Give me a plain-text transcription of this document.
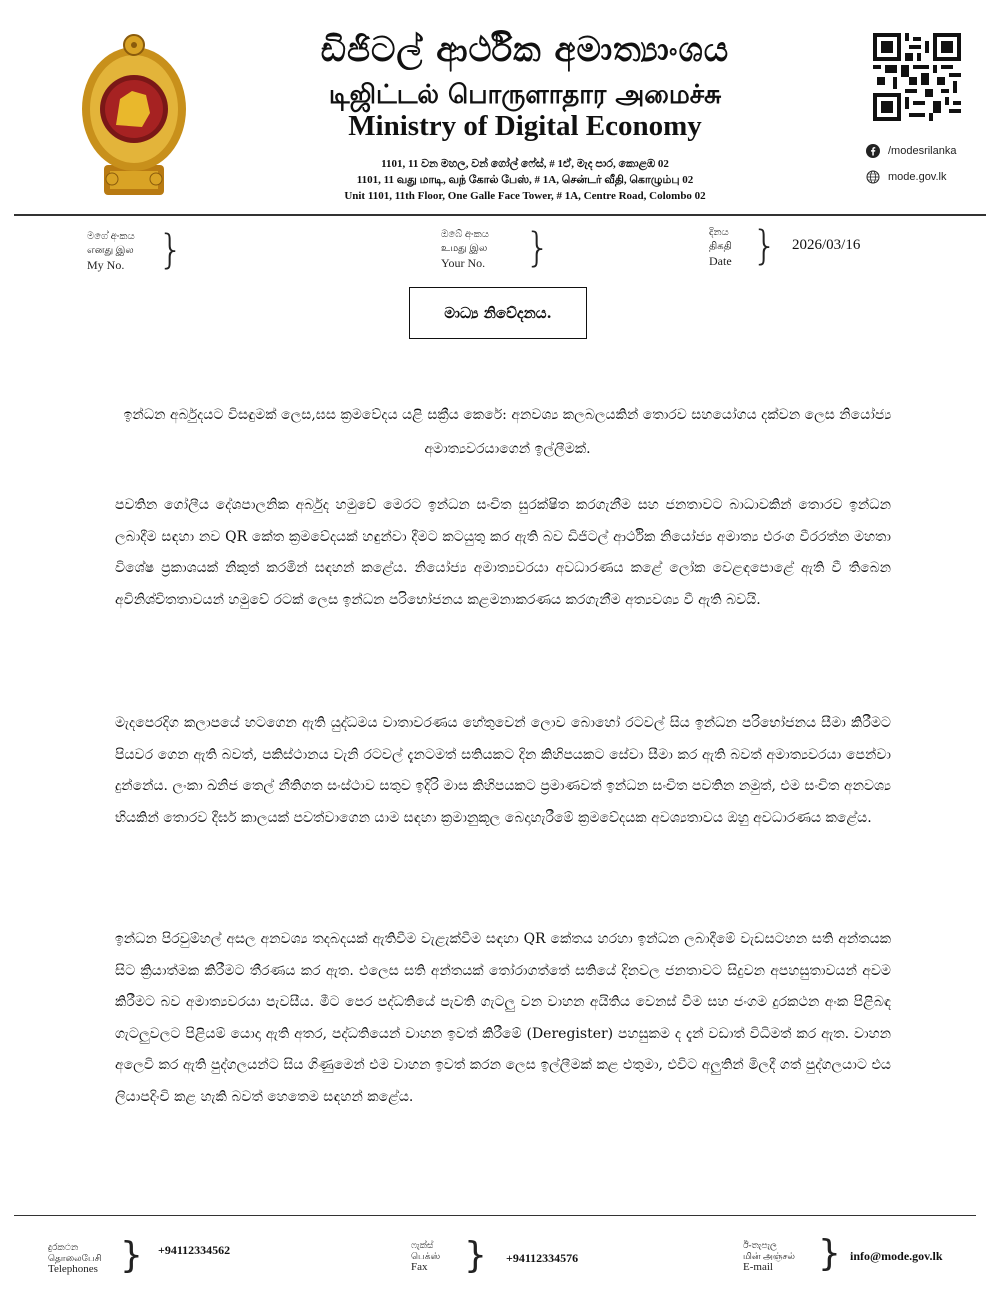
ඩිජිටල් ආර්ථික අමාත්‍යාංශය
டிஜிட்டல் பொருளாதார அமைச்சு
Ministry of Digital Economy
1101, 11 වන මහල, වන් ගෝල් ෆේස්, # 1ඒ, මැද පාර, කොළඹ 02
1101, 11 வது மாடி, வந் கோல் பேஸ், # 1A, சென்டர் வீதி, கொழும்பு 02
Unit 1101, 11th Floor, One Galle Face Tower, # 1A, Centre Road, Colombo 02
/modesrilanka
mode.gov.lk
මගේ අංකය
எனது இல
My No. }	ඔබේ අංකය
உமது இல
Your No. }	දිනය
திகதி
Date } 2026/03/16
මාධ්‍ය නිවේදනය.
ඉන්ධන අර්බුදයට විසඳුමක් ලෙස,ඝස ක්‍රමවේදය යළි සක්‍රීය කෙරේ: අනවශ්‍ය කලබලයකින් තොරව සහයෝගය දක්වන ලෙස නියෝජ්‍ය අමාත්‍යවරයාගෙන් ඉල්ලීමක්.
පවතින ගෝලීය දේශපාලනික අර්බුද හමුවේ මෙරට ඉන්ධන සංචිත සුරක්ෂිත කරගැනීම සහ ජනතාවට බාධාවකින් තොරව ඉන්ධන ලබාදීම සඳහා නව QR කේත ක්‍රමවේදයක් හඳුන්වා දීමට කටයුතු කර ඇති බව ඩිජිටල් ආර්ථික නියෝජ්‍ය අමාත්‍ය එරංග වීරරත්න මහතා විශේෂ ප්‍රකාශයක් නිකුත් කරමින් සඳහන් කළේය. නියෝජ්‍ය අමාත්‍යවරයා අවධාරණය කළේ ලෝක වෙළඳපොළේ ඇති වී තිබෙන අවිනිශ්චිතතාවයන් හමුවේ රටක් ලෙස ඉන්ධන පරිභෝජනය කළමනාකරණය කරගැනීම අත්‍යවශ්‍ය වී ඇති බවයි.
මැදපෙරදිග කලාපයේ හටගෙන ඇති යුද්ධමය වාතාවරණය හේතුවෙන් ලොව බොහෝ රටවල් සිය ඉන්ධන පරිභෝජනය සීමා කිරීමට පියවර ගෙන ඇති බවත්, පකිස්ථානය වැනි රටවල් දැනටමත් සතියකට දින කිහිපයකට සේවා සීමා කර ඇති බවත් අමාත්‍යවරයා පෙන්වා දුන්නේය. ලංකා ඛනිජ තෙල් නීතිගත සංස්ථාව සතුව ඉදිරි මාස කිහිපයකට ප්‍රමාණවත් ඉන්ධන සංචිත පවතින නමුත්, එම සංචිත අනවශ්‍ය භියකින් තොරව දීර්ඝ කාලයක් පවත්වාගෙන යාම සඳහා ක්‍රමානුකූල බෙදාහැරීමේ ක්‍රමවේදයක අවශ්‍යතාවය ඔහු අවධාරණය කළේය.
ඉන්ධන පිරවුම්හල් අසල අනවශ්‍ය තදබදයක් ඇතිවීම වැළැක්වීම සඳහා QR කේතය හරහා ඉන්ධන ලබාදීමේ වැඩසටහන සති අන්තයක සිට ක්‍රියාත්මක කිරීමට තීරණය කර ඇත. එලෙස සති අන්තයක් තෝරාගත්තේ සතියේ දිනවල ජනතාවට සිදුවන අපහසුතාවයන් අවම කිරීමට බව අමාත්‍යවරයා පැවසීය. මීට පෙර පද්ධතියේ පැවති ගැටලු වන වාහන අයිතිය වෙනස් වීම සහ ජංගම දුරකථන අංක පිළිබඳ ගැටලුවලට පිළියම් යොදා ඇති අතර, පද්ධතියෙන් වාහන ඉවත් කිරීමේ (Deregister) පහසුකම ද දැන් වඩාත් විධිමත් කර ඇත. වාහන අලෙවි කර ඇති පුද්ගලයන්ට සිය ගිණුමෙන් එම වාහන ඉවත් කරන ලෙස ඉල්ලීමක් කළ එතුමා, එවිට අලුතින් මිලදී ගත් පුද්ගලයාට එය ලියාපදිංචි කළ හැකි බවත් හෙතෙම සඳහන් කළේය.
දුරකථන
தொலைபேசி
Telephones } +94112334562	ෆැක්ස්
பெக்ஸ்
Fax	} +94112334576
ඊ-තැපැල
மின் அஞ்சல்
E-mail	} info@mode.gov.lk
